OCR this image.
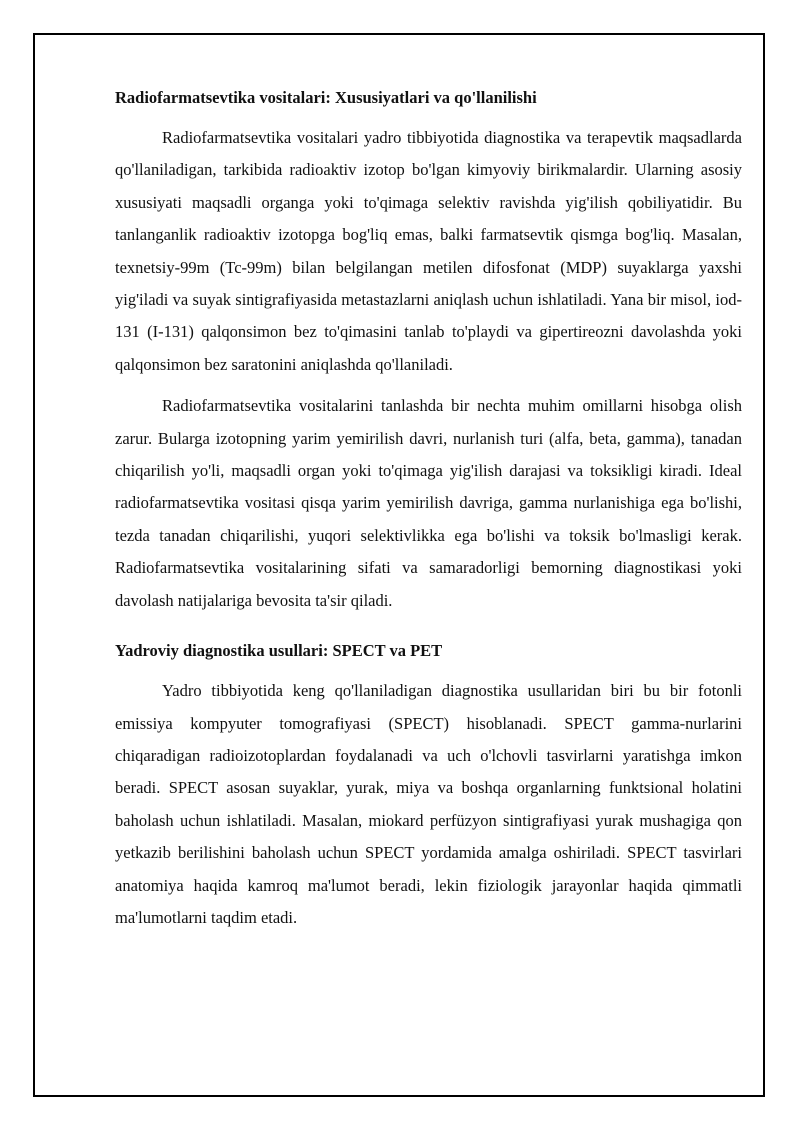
Radiofarmatsevtika vositalari: Xususiyatlari va qo'llanilishi

Radiofarmatsevtika vositalari yadro tibbiyotida diagnostika va terapevtik maqsadlarda qo'llaniladigan, tarkibida radioaktiv izotop bo'lgan kimyoviy birikmalardir. Ularning asosiy xususiyati maqsadli organga yoki to'qimaga selektiv ravishda yig'ilish qobiliyatidir. Bu tanlanganlik radioaktiv izotopga bog'liq emas, balki farmatsevtik qismga bog'liq. Masalan, texnetsiy-99m (Tc-99m) bilan belgilangan metilen difosfonat (MDP) suyaklarga yaxshi yig'iladi va suyak sintigrafiyasida metastazlarni aniqlash uchun ishlatiladi. Yana bir misol, iod-131 (I-131) qalqonsimon bez to'qimasini tanlab to'playdi va gipertireozni davolashda yoki qalqonsimon bez saratonini aniqlashda qo'llaniladi.

Radiofarmatsevtika vositalarini tanlashda bir nechta muhim omillarni hisobga olish zarur. Bularga izotopning yarim yemirilish davri, nurlanish turi (alfa, beta, gamma), tanadan chiqarilish yo'li, maqsadli organ yoki to'qimaga yig'ilish darajasi va toksikligi kiradi. Ideal radiofarmatsevtika vositasi qisqa yarim yemirilish davriga, gamma nurlanishiga ega bo'lishi, tezda tanadan chiqarilishi, yuqori selektivlikka ega bo'lishi va toksik bo'lmasligi kerak. Radiofarmatsevtika vositalarining sifati va samaradorligi bemorning diagnostikasi yoki davolash natijalariga bevosita ta'sir qiladi.

Yadroviy diagnostika usullari: SPECT va PET

Yadro tibbiyotida keng qo'llaniladigan diagnostika usullaridan biri bu bir fotonli emissiya kompyuter tomografiyasi (SPECT) hisoblanadi. SPECT gamma-nurlarini chiqaradigan radioizotoplardan foydalanadi va uch o'lchovli tasvirlarni yaratishga imkon beradi. SPECT asosan suyaklar, yurak, miya va boshqa organlarning funktsional holatini baholash uchun ishlatiladi. Masalan, miokard perfüzyon sintigrafiyasi yurak mushagiga qon yetkazib berilishini baholash uchun SPECT yordamida amalga oshiriladi. SPECT tasvirlari anatomiya haqida kamroq ma'lumot beradi, lekin fiziologik jarayonlar haqida qimmatli ma'lumotlarni taqdim etadi.
